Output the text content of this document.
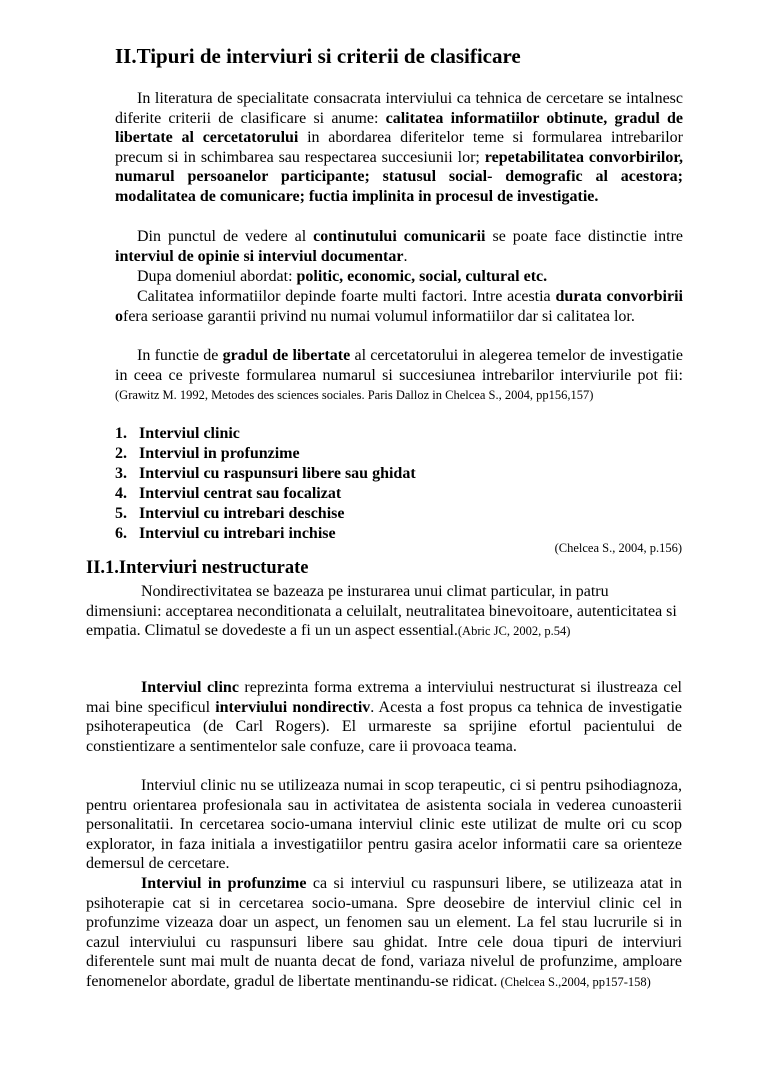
II.Tipuri de interviuri si criterii de clasificare

In literatura de specialitate consacrata interviului ca tehnica de cercetare se intalnesc diferite criterii de clasificare si anume: calitatea informatiilor obtinute, gradul de libertate al cercetatorului in abordarea diferitelor teme si formularea intrebarilor precum si in schimbarea sau respectarea succesiunii lor; repetabilitatea convorbirilor, numarul persoanelor participante; statusul social- demografic al acestora; modalitatea de comunicare; fuctia implinita in procesul de investigatie.

Din punctul de vedere al continutului comunicarii se poate face distinctie intre interviul de opinie si interviul documentar.

Dupa domeniul abordat: politic, economic, social, cultural etc.

Calitatea informatiilor depinde foarte multi factori. Intre acestia durata convorbirii ofera serioase garantii privind nu numai volumul informatiilor dar si calitatea lor.

In functie de gradul de libertate al cercetatorului in alegerea temelor de investigatie in ceea ce priveste formularea numarul si succesiunea intrebarilor interviurile pot fii:(Grawitz M. 1992, Metodes des sciences sociales. Paris Dalloz in Chelcea S., 2004, pp156,157)

1. Interviul clinic
2. Interviul in profunzime
3. Interviul cu raspunsuri libere sau ghidat
4. Interviul centrat sau focalizat
5. Interviul cu intrebari deschise
6. Interviul cu intrebari inchise
(Chelcea S., 2004, p.156)
II.1.Interviuri nestructurate

Nondirectivitatea se bazeaza pe insturarea unui climat particular, in patru dimensiuni: acceptarea neconditionata a celuilalt, neutralitatea binevoitoare, autenticitatea si empatia. Climatul se dovedeste a fi un un aspect essential.(Abric JC, 2002, p.54)

Interviul clinc reprezinta forma extrema a interviului nestructurat si ilustreaza cel mai bine specificul interviului nondirectiv. Acesta a fost propus ca tehnica de investigatie psihoterapeutica (de Carl Rogers). El urmareste sa sprijine efortul pacientului de constientizare a sentimentelor sale confuze, care ii provoaca teama.

Interviul clinic nu se utilizeaza numai in scop terapeutic, ci si pentru psihodiagnoza, pentru orientarea profesionala sau in activitatea de asistenta sociala in vederea cunoasterii personalitatii. In cercetarea socio-umana interviul clinic este utilizat de multe ori cu scop explorator, in faza initiala a investigatiilor pentru gasira acelor informatii care sa orienteze demersul de cercetare.

Interviul in profunzime ca si interviul cu raspunsuri libere, se utilizeaza atat in psihoterapie cat si in cercetarea socio-umana. Spre deosebire de interviul clinic cel in profunzime vizeaza doar un aspect, un fenomen sau un element. La fel stau lucrurile si in cazul interviului cu raspunsuri libere sau ghidat. Intre cele doua tipuri de interviuri diferentele sunt mai mult de nuanta decat de fond, variaza nivelul de profunzime, amploare fenomenelor abordate, gradul de libertate mentinandu-se ridicat. (Chelcea S.,2004, pp157-158)
